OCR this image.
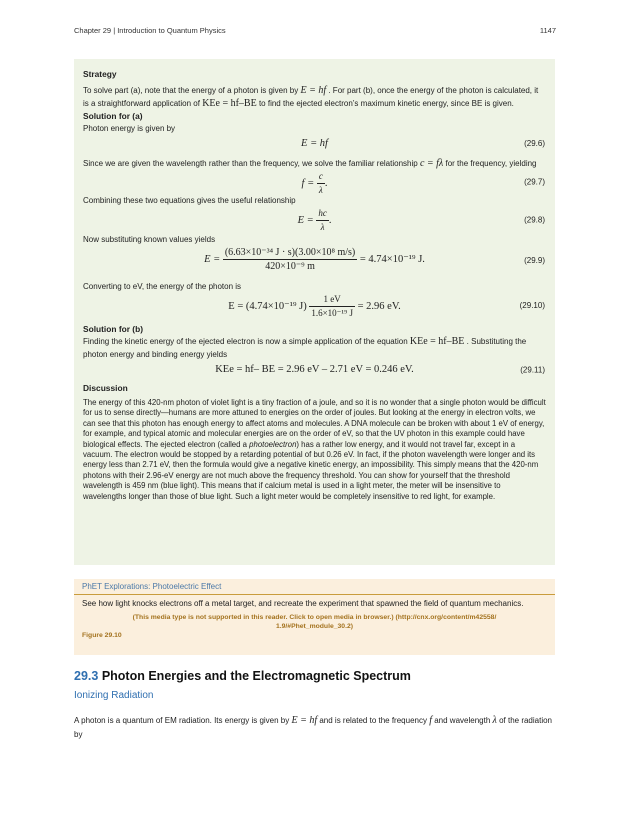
Chapter 29 | Introduction to Quantum Physics	1147
Strategy

To solve part (a), note that the energy of a photon is given by E = hf . For part (b), once the energy of the photon is calculated, it is a straightforward application of KEe = hf–BE to find the ejected electron’s maximum kinetic energy, since BE is given.

Solution for (a)

Photon energy is given by

E = hf	(29.6)

Since we are given the wavelength rather than the frequency, we solve the familiar relationship c = fλ for the frequency, yielding

$f = \frac{c}{\lambda}$ .	(29.7)

Combining these two equations gives the useful relationship

$E = \frac{hc}{\lambda}$ .	(29.8)

Now substituting known values yields

$E = \frac{\text{(6.63×10⁻³⁴ J · s)(3.00×10⁸ m/s)}}{\text{420×10⁻⁹ m}} = 4.74\times 10^{-19}$ J.	(29.9)

Converting to eV, the energy of the photon is

E = (4.74×10⁻¹⁹ $J) \frac{1 eV}{\text{1.6×10⁻¹⁹ J}} = 2.96$ eV.	(29.10)
Solution for (b)

Finding the kinetic energy of the ejected electron is now a simple application of the equation KEe = hf–BE . Substituting the photon energy and binding energy yields

KEe = hf– BE = 2.96 eV – 2.71 eV = 0.246 eV.	(29.11)
Discussion

The energy of this 420-nm photon of violet light is a tiny fraction of a joule, and so it is no wonder that a single photon would be difficult for us to sense directly—humans are more attuned to energies on the order of joules. But looking at the energy in electron volts, we can see that this photon has enough energy to affect atoms and molecules. A DNA molecule can be broken with about 1 eV of energy, for example, and typical atomic and molecular energies are on the order of eV, so that the UV photon in this example could have biological effects. The ejected electron (called a photoelectron) has a rather low energy, and it would not travel far, except in a vacuum. The electron would be stopped by a retarding potential of but 0.26 eV. In fact, if the photon wavelength were longer and its energy less than 2.71 eV, then the formula would give a negative kinetic energy, an impossibility. This simply means that the 420-nm photons with their 2.96-eV energy are not much above the frequency threshold. You can show for yourself that the threshold wavelength is 459 nm (blue light). This means that if calcium metal is used in a light meter, the meter will be insensitive to wavelengths longer than those of blue light. Such a light meter would be completely insensitive to red light, for example.

PhET Explorations: Photoelectric Effect
See how light knocks electrons off a metal target, and recreate the experiment that spawned the field of quantum mechanics.
(This media type is not supported in this reader. Click to open media in browser.) (http://cnx.org/content/m42558/
1.9/#Phet_module_30.2)
Figure 29.10
29.3 Photon Energies and the Electromagnetic Spectrum
Ionizing Radiation

A photon is a quantum of EM radiation. Its energy is given by E = hf and is related to the frequency f and wavelength λ of the radiation by
